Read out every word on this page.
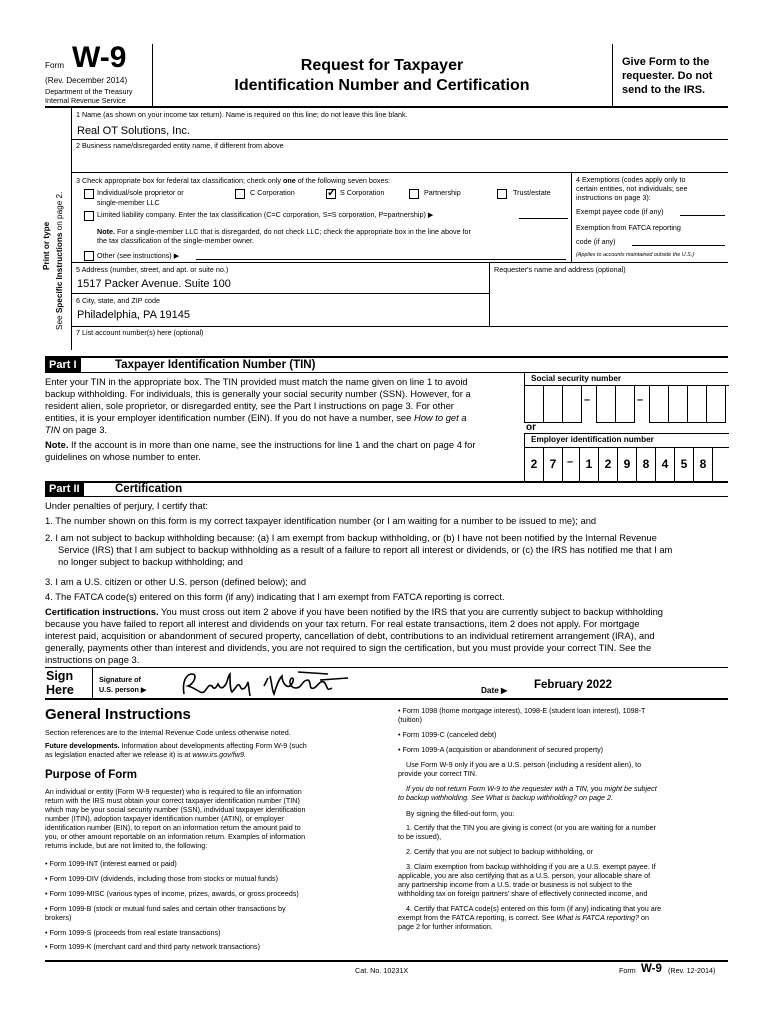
Form W-9
(Rev. December 2014)
Department of the Treasury
Internal Revenue Service
Request for Taxpayer
Identification Number and Certification
Give Form to the
requester. Do not
send to the IRS.
Print or type
See Specific Instructions on page 2.
1 Name (as shown on your income tax return). Name is required on this line; do not leave this line blank.
Real OT Solutions, Inc.
2 Business name/disregarded entity name, if different from above
3 Check appropriate box for federal tax classification; check only one of the following seven boxes:
Individual/sole proprietor or
single-member LLC
C Corporation	✓ S Corporation	Partnership	Trust/estate
Limited liability company. Enter the tax classification (C=C corporation, S=S corporation, P=partnership) ▶
Note. For a single-member LLC that is disregarded, do not check LLC; check the appropriate box in the line above for
the tax classification of the single-member owner.
Other (see instructions) ▶
4 Exemptions (codes apply only to
certain entities, not individuals; see
instructions on page 3):
Exempt payee code (if any)
Exemption from FATCA reporting
code (if any)
(Applies to accounts maintained outside the U.S.)
5 Address (number, street, and apt. or suite no.)
1517 Packer Avenue. Suite 100
Requester's name and address (optional)
6 City, state, and ZIP code
Philadelphia, PA 19145
7 List account number(s) here (optional)
Part I	Taxpayer Identification Number (TIN)
Enter your TIN in the appropriate box. The TIN provided must match the name given on line 1 to avoid
backup withholding. For individuals, this is generally your social security number (SSN). However, for a
resident alien, sole proprietor, or disregarded entity, see the Part I instructions on page 3. For other
entities, it is your employer identification number (EIN). If you do not have a number, see How to get a
TIN on page 3.
Note. If the account is in more than one name, see the instructions for line 1 and the chart on page 4 for
guidelines on whose number to enter.
Social security number
–	–
or
Employer identification number
–
2	7	1	2	9	8	4	5	8
Part II	Certification
Under penalties of perjury, I certify that:
1. The number shown on this form is my correct taxpayer identification number (or I am waiting for a number to be issued to me); and
2. I am not subject to backup withholding because: (a) I am exempt from backup withholding, or (b) I have not been notified by the Internal Revenue
Service (IRS) that I am subject to backup withholding as a result of a failure to report all interest or dividends, or (c) the IRS has notified me that I am
no longer subject to backup withholding; and
3. I am a U.S. citizen or other U.S. person (defined below); and
4. The FATCA code(s) entered on this form (if any) indicating that I am exempt from FATCA reporting is correct.
Certification instructions. You must cross out item 2 above if you have been notified by the IRS that you are currently subject to backup withholding
because you have failed to report all interest and dividends on your tax return. For real estate transactions, item 2 does not apply. For mortgage
interest paid, acquisition or abandonment of secured property, cancellation of debt, contributions to an individual retirement arrangement (IRA), and
generally, payments other than interest and dividends, you are not required to sign the certification, but you must provide your correct TIN. See the
instructions on page 3.
Sign
Here
Signature of
U.S. person ▶	Date ▶ February 2022
General Instructions
Section references are to the Internal Revenue Code unless otherwise noted.
Future developments. Information about developments affecting Form W-9 (such
as legislation enacted after we release it) is at www.irs.gov/fw9.
Purpose of Form
An individual or entity (Form W-9 requester) who is required to file an information
return with the IRS must obtain your correct taxpayer identification number (TIN)
which may be your social security number (SSN), individual taxpayer identification
number (ITIN), adoption taxpayer identification number (ATIN), or employer
identification number (EIN), to report on an information return the amount paid to
you, or other amount reportable on an information return. Examples of information
returns include, but are not limited to, the following:
• Form 1099-INT (interest earned or paid)
• Form 1099-DIV (dividends, including those from stocks or mutual funds)
• Form 1099-MISC (various types of income, prizes, awards, or gross proceeds)
• Form 1099-B (stock or mutual fund sales and certain other transactions by
brokers)
• Form 1099-S (proceeds from real estate transactions)
• Form 1099-K (merchant card and third party network transactions)
• Form 1098 (home mortgage interest), 1098-E (student loan interest), 1098-T
(tuition)
• Form 1099-C (canceled debt)
• Form 1099-A (acquisition or abandonment of secured property)
Use Form W-9 only if you are a U.S. person (including a resident alien), to
provide your correct TIN.
If you do not return Form W-9 to the requester with a TIN, you might be subject
to backup withholding. See What is backup withholding? on page 2.
By signing the filled-out form, you:
1. Certify that the TIN you are giving is correct (or you are waiting for a number
to be issued),
2. Certify that you are not subject to backup withholding, or
3. Claim exemption from backup withholding if you are a U.S. exempt payee. If
applicable, you are also certifying that as a U.S. person, your allocable share of
any partnership income from a U.S. trade or business is not subject to the
withholding tax on foreign partners' share of effectively connected income, and
4. Certify that FATCA code(s) entered on this form (if any) indicating that you are
exempt from the FATCA reporting, is correct. See What is FATCA reporting? on
page 2 for further information.
Cat. No. 10231X	Form W-9 (Rev. 12-2014)
